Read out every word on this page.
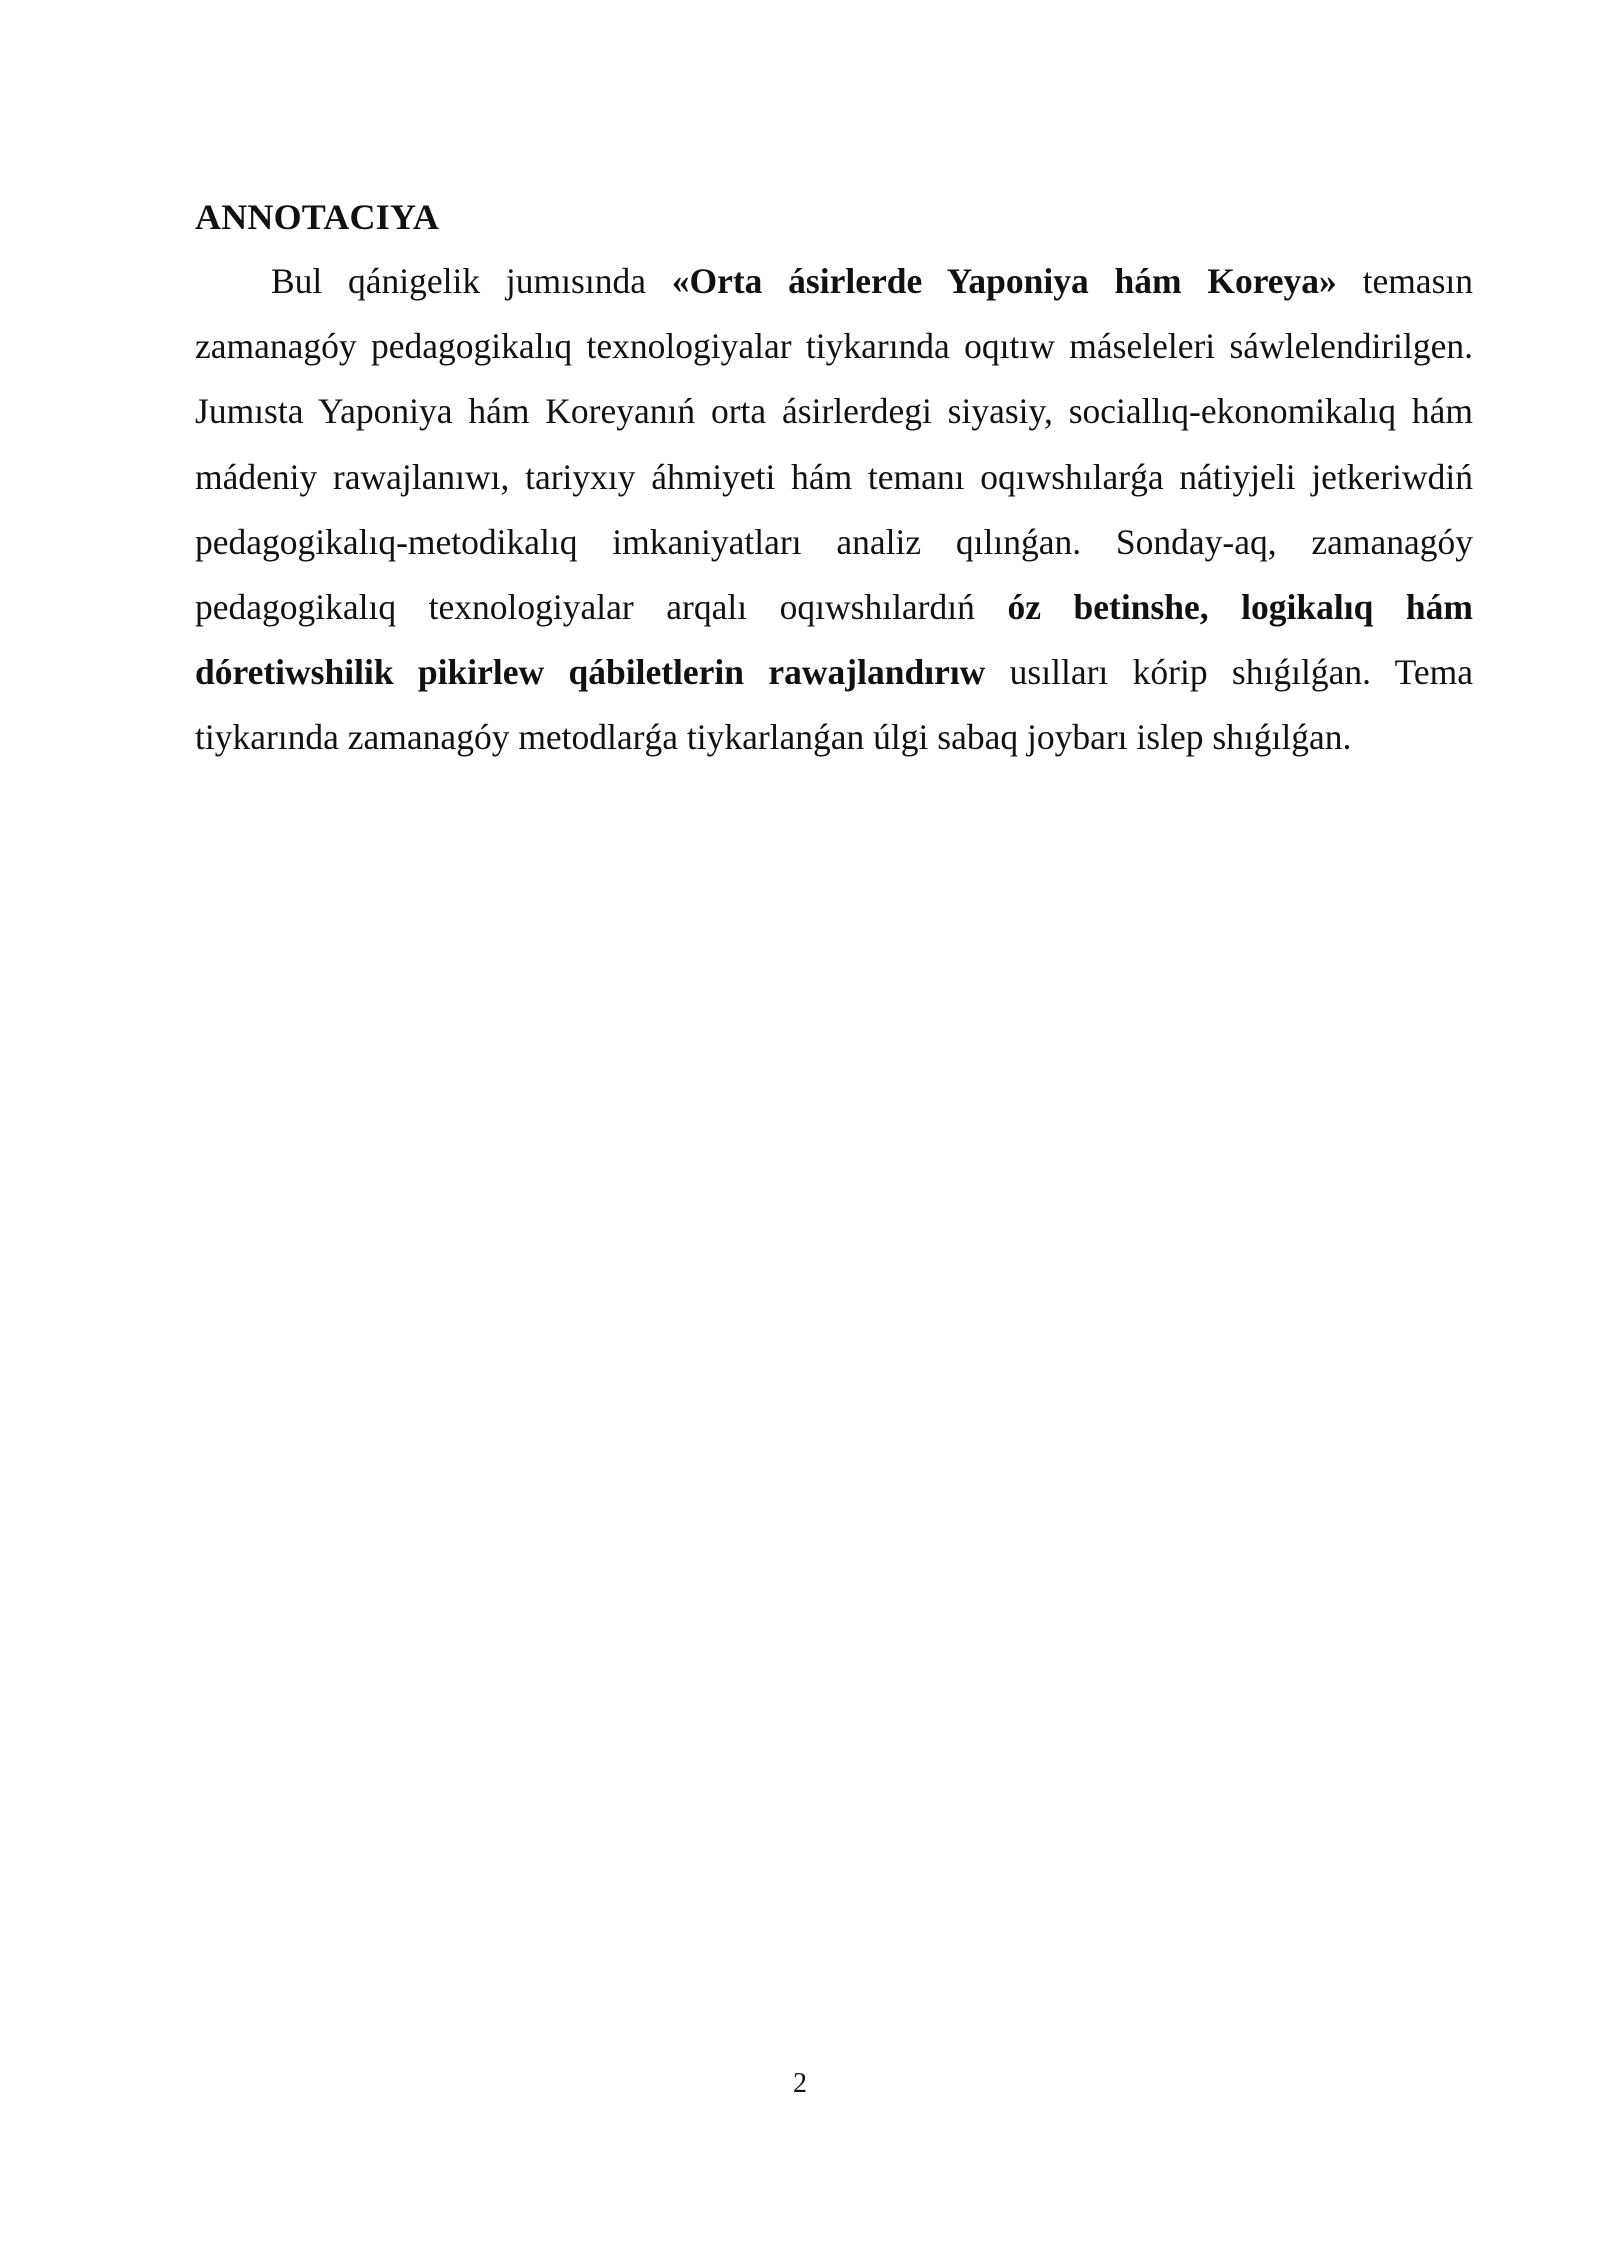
ANNOTACIYA

Bul qánigelik jumısında «Orta ásirlerde Yaponiya hám Koreya» temasın zamanagóy pedagogikalıq texnologiyalar tiykarında oqıtıw máseleleri sáwlelendirilgen. Jumısta Yaponiya hám Koreyanıń orta ásirlerdegi siyasiy, sociallıq-ekonomikalıq hám mádeniy rawajlanıwı, tariyxıy áhmiyeti hám temanı oqıwshılarǵa nátiyjeli jetkeriwdiń pedagogikalıq-metodikalıq imkaniyatları analiz qılınǵan. Sonday-aq, zamanagóy pedagogikalıq texnologiyalar arqalı oqıwshılardıń óz betinshe, logikalıq hám dóretiwshilik pikirlew qábiletlerin rawajlandırıw usılları kórip shıǵılǵan. Tema tiykarında zamanagóy metodlarǵa tiykarlanǵan úlgi sabaq joybarı islep shıǵılǵan.

2
